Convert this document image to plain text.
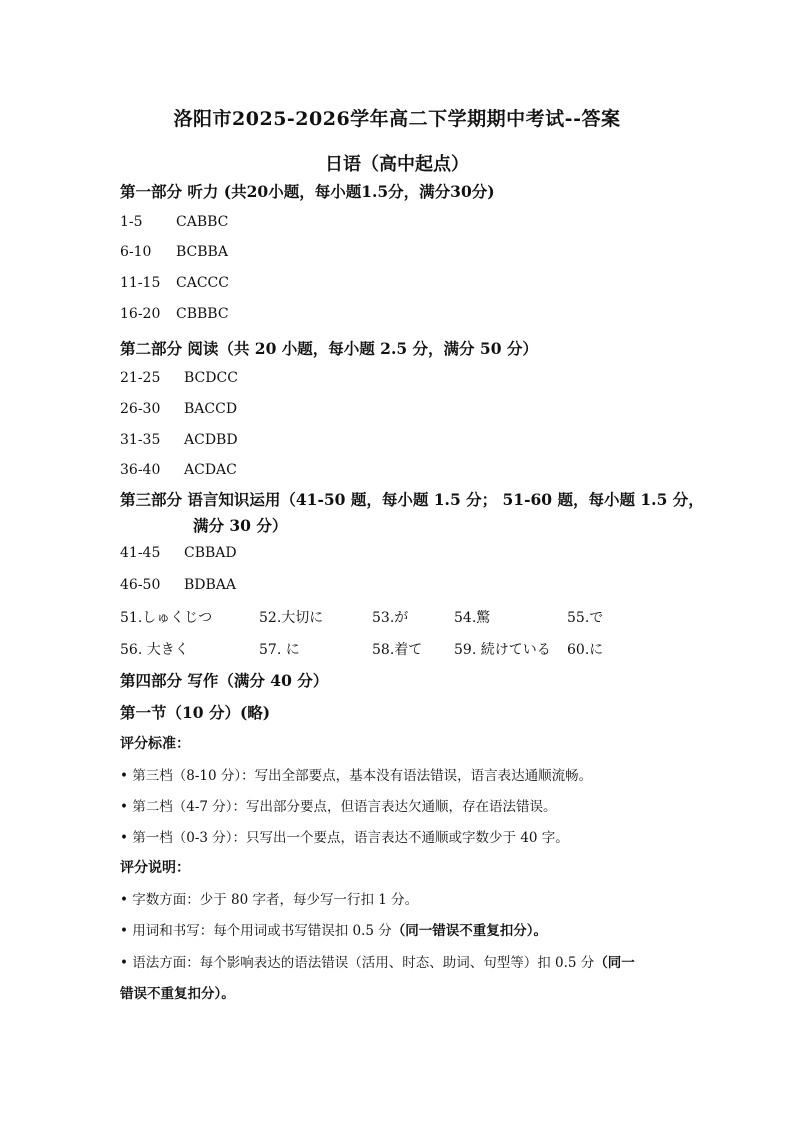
洛阳市2025-2026学年高二下学期期中考试--答案
日语（高中起点）
第一部分 听力 (共20小题，每小题1.5分，满分30分)
1-5 CABBC
6-10 BCBBA
11-15 CACCC
16-20 CBBBC
第二部分 阅读（共 20 小题，每小题 2.5 分，满分 50 分）
21-25 BCDCC
26-30 BACCD
31-35 ACDBD
36-40 ACDAC
第三部分 语言知识运用（41-50 题，每小题 1.5 分； 51-60 题，每小题 1.5 分，
满分 30 分）
41-45 CBBAD
46-50 BDBAA
51.しゅくじつ	52.大切に	53.が	54.驚	55.で
56. 大きく	57. に	58.着て 59. 続けている 60.に
第四部分 写作（满分 40 分）
第一节（10 分）(略)
评分标准：
• 第三档（8-10 分）：写出全部要点，基本没有语法错误，语言表达通顺流畅。
• 第二档（4-7 分）：写出部分要点，但语言表达欠通顺，存在语法错误。
• 第一档（0-3 分）：只写出一个要点，语言表达不通顺或字数少于 40 字。
评分说明：
• 字数方面：少于 80 字者，每少写一行扣 1 分。
• 用词和书写：每个用词或书写错误扣 0.5 分（同一错误不重复扣分）。
• 语法方面：每个影响表达的语法错误（活用、时态、助词、句型等）扣 0.5 分（同一
错误不重复扣分）。
